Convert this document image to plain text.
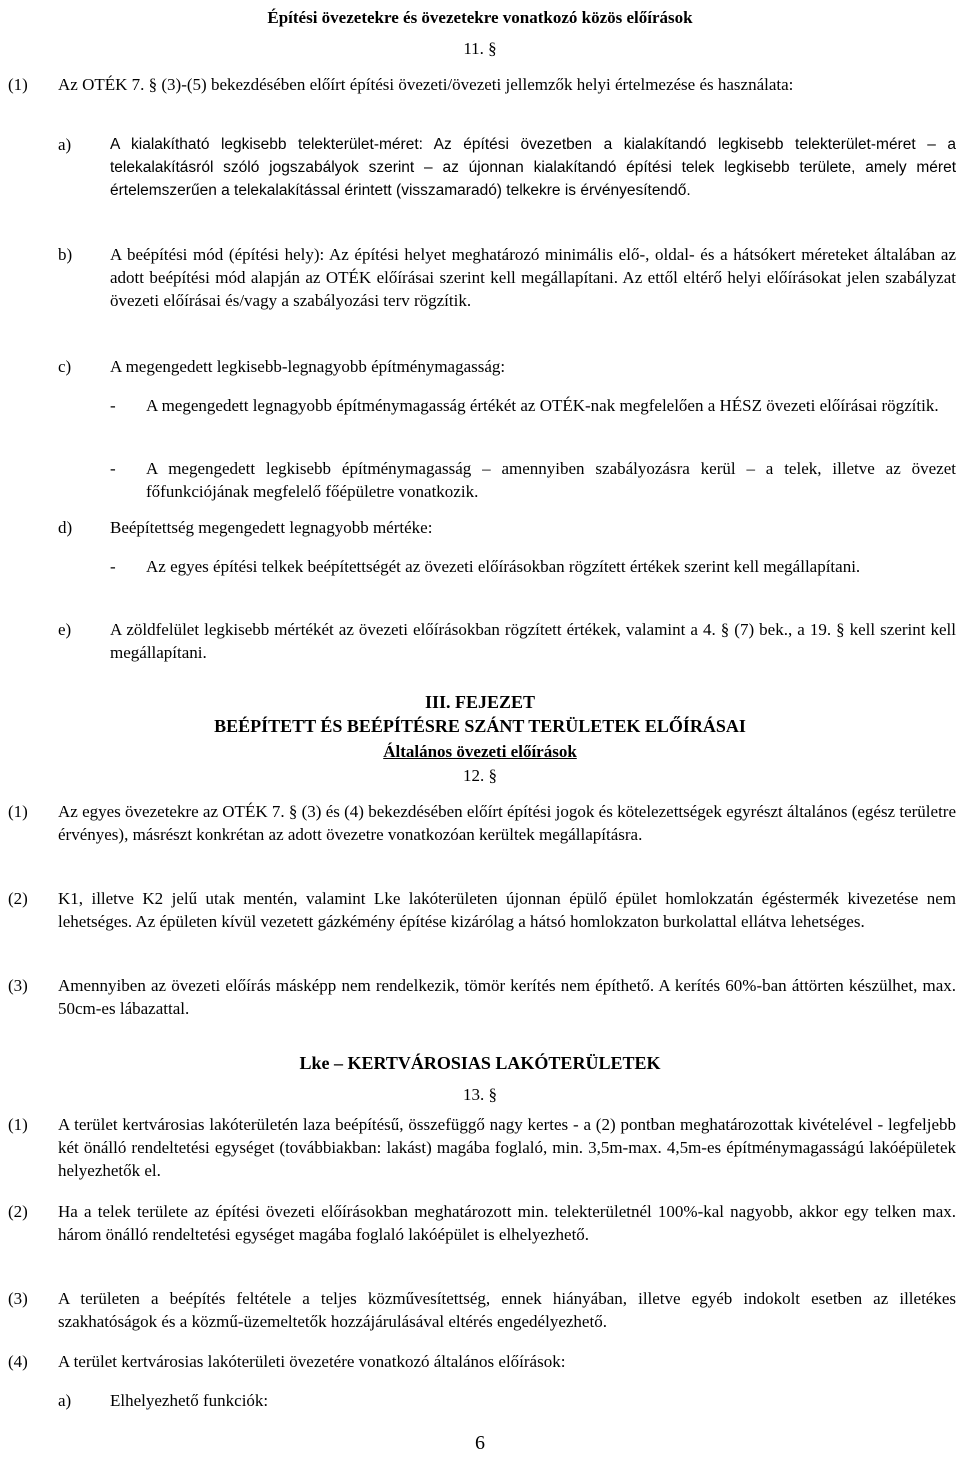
Építési övezetekre és övezetekre vonatkozó közös előírások
11. §
(1) Az OTÉK 7. § (3)-(5) bekezdésében előírt építési övezeti/övezeti jellemzők helyi értelmezése és használata:
a)	A kialakítható legkisebb telekterület-méret: Az építési övezetben a kialakítandó legkisebb telekterület-méret – a telekalakításról szóló jogszabályok szerint – az újonnan kialakítandó építési telek legkisebb területe, amely méret értelemszerűen a telekalakítással érintett (visszamaradó) telkekre is érvényesítendő.
b) A beépítési mód (építési hely): Az építési helyet meghatározó minimális elő-, oldal- és a hátsókert méreteket általában az adott beépítési mód alapján az OTÉK előírásai szerint kell megállapítani. Az ettől eltérő helyi előírásokat jelen szabályzat övezeti előírásai és/vagy a szabályozási terv rögzítik.
c) A megengedett legkisebb-legnagyobb építménymagasság:
- A megengedett legnagyobb építménymagasság értékét az OTÉK-nak megfelelően a HÉSZ övezeti előírásai rögzítik.
- A megengedett legkisebb építménymagasság – amennyiben szabályozásra kerül – a telek, illetve az övezet főfunkciójának megfelelő főépületre vonatkozik.
d) Beépítettség megengedett legnagyobb mértéke:
- Az egyes építési telkek beépítettségét az övezeti előírásokban rögzített értékek szerint kell megállapítani.
e) A zöldfelület legkisebb mértékét az övezeti előírásokban rögzített értékek, valamint a 4. § (7) bek., a 19. § kell szerint kell megállapítani.
III. FEJEZET
BEÉPÍTETT ÉS BEÉPÍTÉSRE SZÁNT TERÜLETEK ELŐÍRÁSAI
Általános övezeti előírások
12. §
(1) Az egyes övezetekre az OTÉK 7. § (3) és (4) bekezdésében előírt építési jogok és kötelezettségek egyrészt általános (egész területre érvényes), másrészt konkrétan az adott övezetre vonatkozóan kerültek megállapításra.
(2) K1, illetve K2 jelű utak mentén, valamint Lke lakóterületen újonnan épülő épület homlokzatán égéstermék kivezetése nem lehetséges. Az épületen kívül vezetett gázkémény építése kizárólag a hátsó homlokzaton burkolattal ellátva lehetséges.
(3) Amennyiben az övezeti előírás másképp nem rendelkezik, tömör kerítés nem építhető. A kerítés 60%-ban áttörten készülhet, max. 50cm-es lábazattal.
Lke – KERTVÁROSIAS LAKÓTERÜLETEK
13. §
(1) A terület kertvárosias lakóterületén laza beépítésű, összefüggő nagy kertes - a (2) pontban meghatározottak kivételével - legfeljebb két önálló rendeltetési egységet (továbbiakban: lakást) magába foglaló, min. 3,5m-max. 4,5m-es építménymagasságú lakóépületek helyezhetők el.
(2) Ha a telek területe az építési övezeti előírásokban meghatározott min. telekterületnél 100%-kal nagyobb, akkor egy telken max. három önálló rendeltetési egységet magába foglaló lakóépület is elhelyezhető.
(3) A területen a beépítés feltétele a teljes közművesítettség, ennek hiányában, illetve egyéb indokolt esetben az illetékes szakhatóságok és a közmű-üzemeltetők hozzájárulásával eltérés engedélyezhető.
(4) A terület kertvárosias lakóterületi övezetére vonatkozó általános előírások:
a) Elhelyezhető funkciók:
6
